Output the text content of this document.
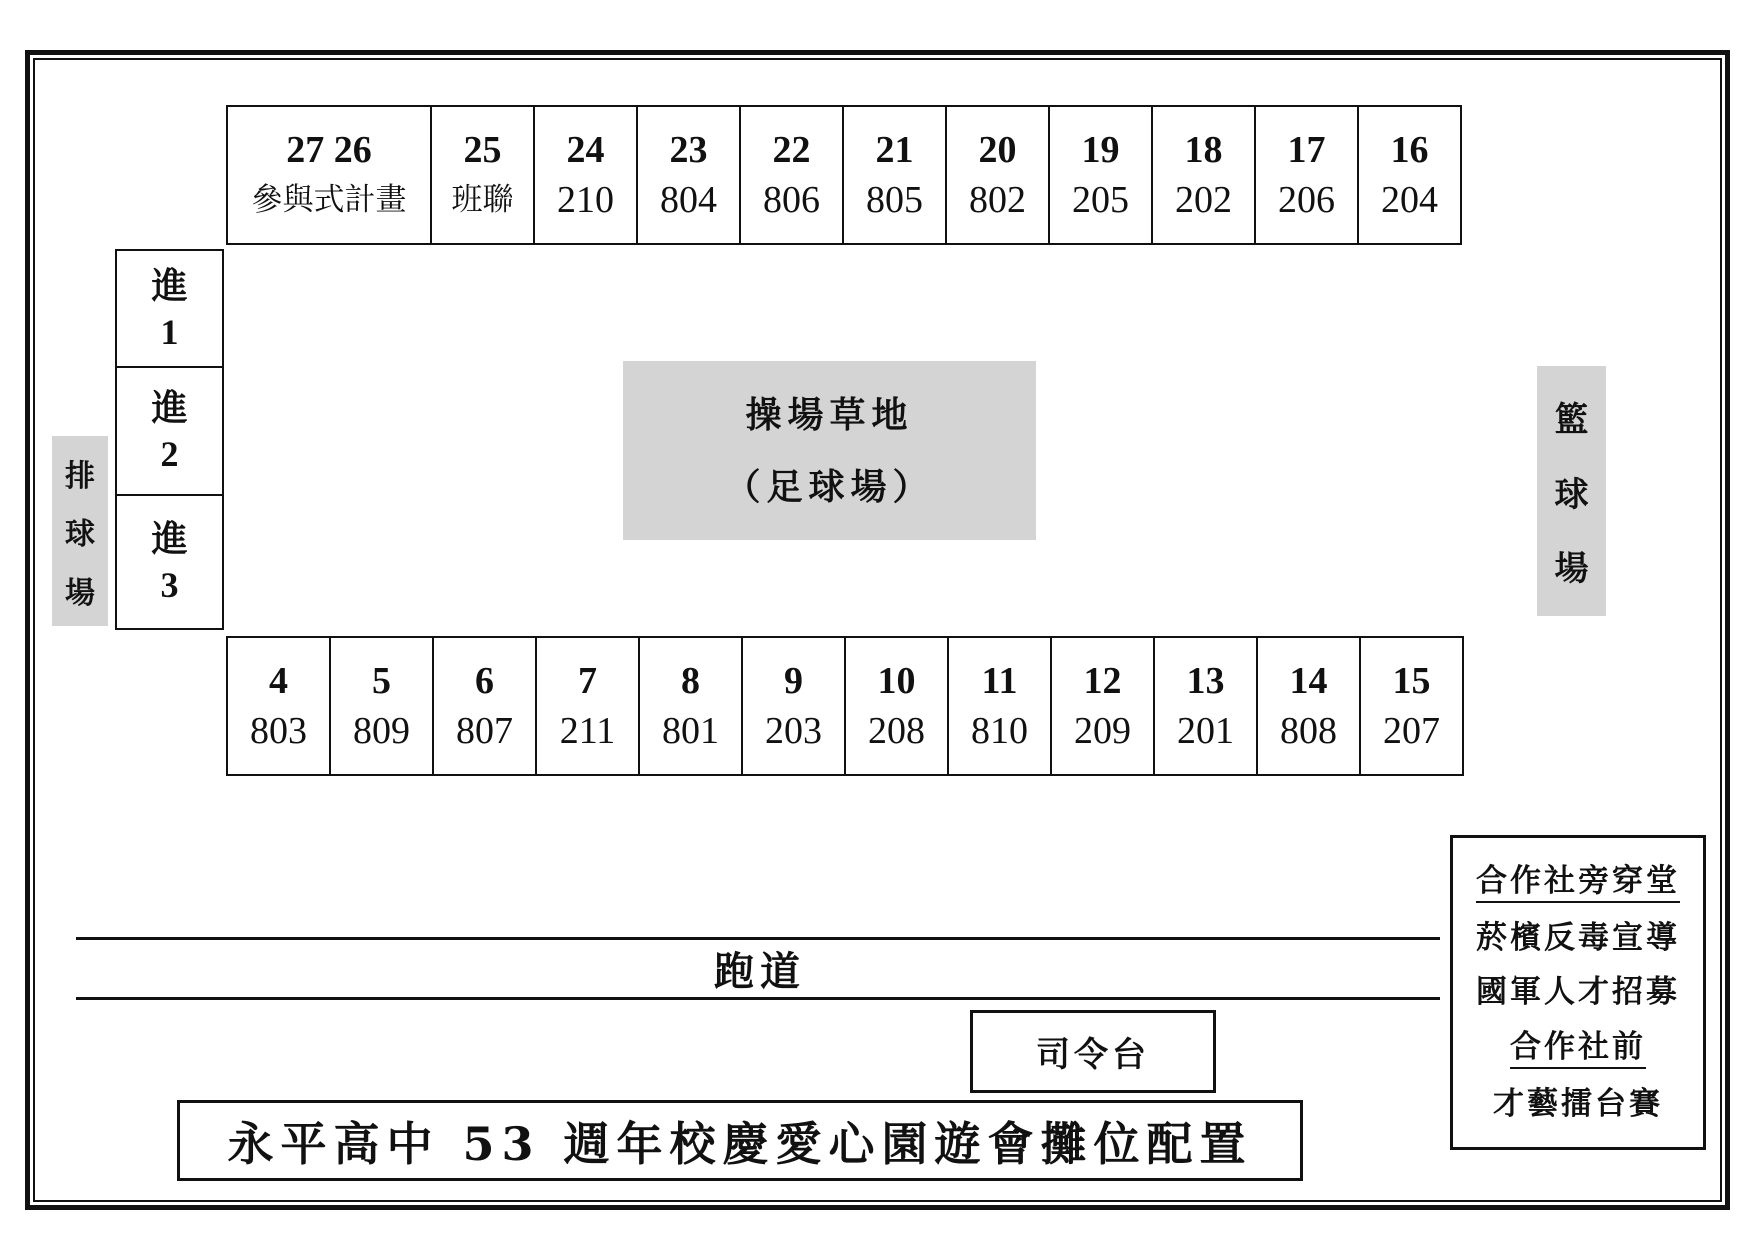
27 26
參與式計畫
25
班聯
24
210
23
804
22
806
21
805
20
802
19
205
18
202
17
206
16
204
進
1
進
2
進
3
排
球
場
操場草地
（足球場）
籃
球
場
4
803
5
809
6
807
7
211
8
801
9
203
10
208
11
810
12
209
13
201
14
808
15
207
跑道
司令台
永平高中 53 週年校慶愛心園遊會攤位配置
合作社旁穿堂
菸檳反毒宣導
國軍人才招募
合作社前
才藝擂台賽
